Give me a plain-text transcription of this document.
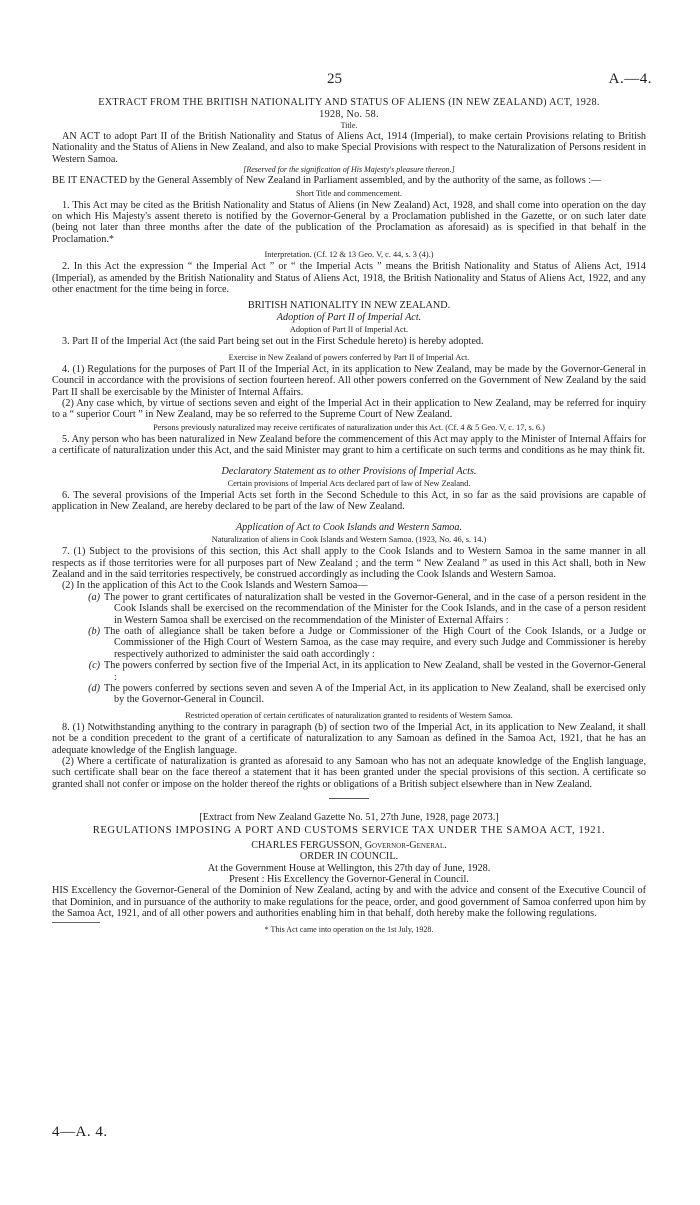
25	A.—4.

EXTRACT FROM THE BRITISH NATIONALITY AND STATUS OF ALIENS (IN NEW ZEALAND) ACT, 1928.

1928, No. 58.

Title.

AN ACT to adopt Part II of the British Nationality and Status of Aliens Act, 1914 (Imperial), to make certain Provisions relating to British Nationality and the Status of Aliens in New Zealand, and also to make Special Provisions with respect to the Naturalization of Persons resident in Western Samoa.

[Reserved for the signification of His Majesty's pleasure thereon.]

BE IT ENACTED by the General Assembly of New Zealand in Parliament assembled, and by the authority of the same, as follows :—

Short Title and commencement.

1. This Act may be cited as the British Nationality and Status of Aliens (in New Zealand) Act, 1928, and shall come into operation on the day on which His Majesty's assent thereto is notified by the Governor-General by a Proclamation published in the Gazette, or on such later date (being not later than three months after the date of the publication of the Proclamation as aforesaid) as is specified in that behalf in the Proclamation.*

Interpretation. (Cf. 12 & 13 Geo. V, c. 44, s. 3 (4).)

2. In this Act the expression “ the Imperial Act ” or “ the Imperial Acts ” means the British Nationality and Status of Aliens Act, 1914 (Imperial), as amended by the British Nationality and Status of Aliens Act, 1918, the British Nationality and Status of Aliens Act, 1922, and any other enactment for the time being in force.

BRITISH NATIONALITY IN NEW ZEALAND.

Adoption of Part II of Imperial Act.

Adoption of Part II of Imperial Act.

3. Part II of the Imperial Act (the said Part being set out in the First Schedule hereto) is hereby adopted.

Exercise in New Zealand of powers conferred by Part II of Imperial Act.

4. (1) Regulations for the purposes of Part II of the Imperial Act, in its application to New Zealand, may be made by the Governor-General in Council in accordance with the provisions of section fourteen hereof. All other powers conferred on the Government of New Zealand by the said Part II shall be exercisable by the Minister of Internal Affairs.

(2) Any case which, by virtue of sections seven and eight of the Imperial Act in their application to New Zealand, may be referred for inquiry to a “ superior Court ” in New Zealand, may be so referred to the Supreme Court of New Zealand.

Persons previously naturalized may receive certificates of naturalization under this Act. (Cf. 4 & 5 Geo. V, c. 17, s. 6.)

5. Any person who has been naturalized in New Zealand before the commencement of this Act may apply to the Minister of Internal Affairs for a certificate of naturalization under this Act, and the said Minister may grant to him a certificate on such terms and conditions as he may think fit.

Declaratory Statement as to other Provisions of Imperial Acts.

Certain provisions of Imperial Acts declared part of law of New Zealand.

6. The several provisions of the Imperial Acts set forth in the Second Schedule to this Act, in so far as the said provisions are capable of application in New Zealand, are hereby declared to be part of the law of New Zealand.

Application of Act to Cook Islands and Western Samoa.

Naturalization of aliens in Cook Islands and Western Samoa. (1923, No. 46, s. 14.)

7. (1) Subject to the provisions of this section, this Act shall apply to the Cook Islands and to Western Samoa in the same manner in all respects as if those territories were for all purposes part of New Zealand ; and the term “ New Zealand ” as used in this Act shall, both in New Zealand and in the said territories respectively, be construed accordingly as including the Cook Islands and Western Samoa.

(2) In the application of this Act to the Cook Islands and Western Samoa—

(a) The power to grant certificates of naturalization shall be vested in the Governor-General, and in the case of a person resident in the Cook Islands shall be exercised on the recommendation of the Minister for the Cook Islands, and in the case of a person resident in Western Samoa shall be exercised on the recommendation of the Minister of External Affairs :
(b) The oath of allegiance shall be taken before a Judge or Commissioner of the High Court of the Cook Islands, or a Judge or Commissioner of the High Court of Western Samoa, as the case may require, and every such Judge and Commissioner is hereby respectively authorized to administer the said oath accordingly :
(c) The powers conferred by section five of the Imperial Act, in its application to New Zealand, shall be vested in the Governor-General :
(d) The powers conferred by sections seven and seven A of the Imperial Act, in its application to New Zealand, shall be exercised only by the Governor-General in Council.

Restricted operation of certain certificates of naturalization granted to residents of Western Samoa.

8. (1) Notwithstanding anything to the contrary in paragraph (b) of section two of the Imperial Act, in its application to New Zealand, it shall not be a condition precedent to the grant of a certificate of naturalization to any Samoan as defined in the Samoa Act, 1921, that he has an adequate knowledge of the English language.

(2) Where a certificate of naturalization is granted as aforesaid to any Samoan who has not an adequate knowledge of the English language, such certificate shall bear on the face thereof a statement that it has been granted under the special provisions of this section. A certificate so granted shall not confer or impose on the holder thereof the rights or obligations of a British subject elsewhere than in New Zealand.

[Extract from New Zealand Gazette No. 51, 27th June, 1928, page 2073.]

REGULATIONS IMPOSING A PORT AND CUSTOMS SERVICE TAX UNDER THE SAMOA ACT, 1921.

CHARLES FERGUSSON, Governor-General.

ORDER IN COUNCIL.

At the Government House at Wellington, this 27th day of June, 1928.

Present : His Excellency the Governor-General in Council.

HIS Excellency the Governor-General of the Dominion of New Zealand, acting by and with the advice and consent of the Executive Council of that Dominion, and in pursuance of the authority to make regulations for the peace, order, and good government of Samoa conferred upon him by the Samoa Act, 1921, and of all other powers and authorities enabling him in that behalf, doth hereby make the following regulations.

* This Act came into operation on the 1st July, 1928.

4—A. 4.
